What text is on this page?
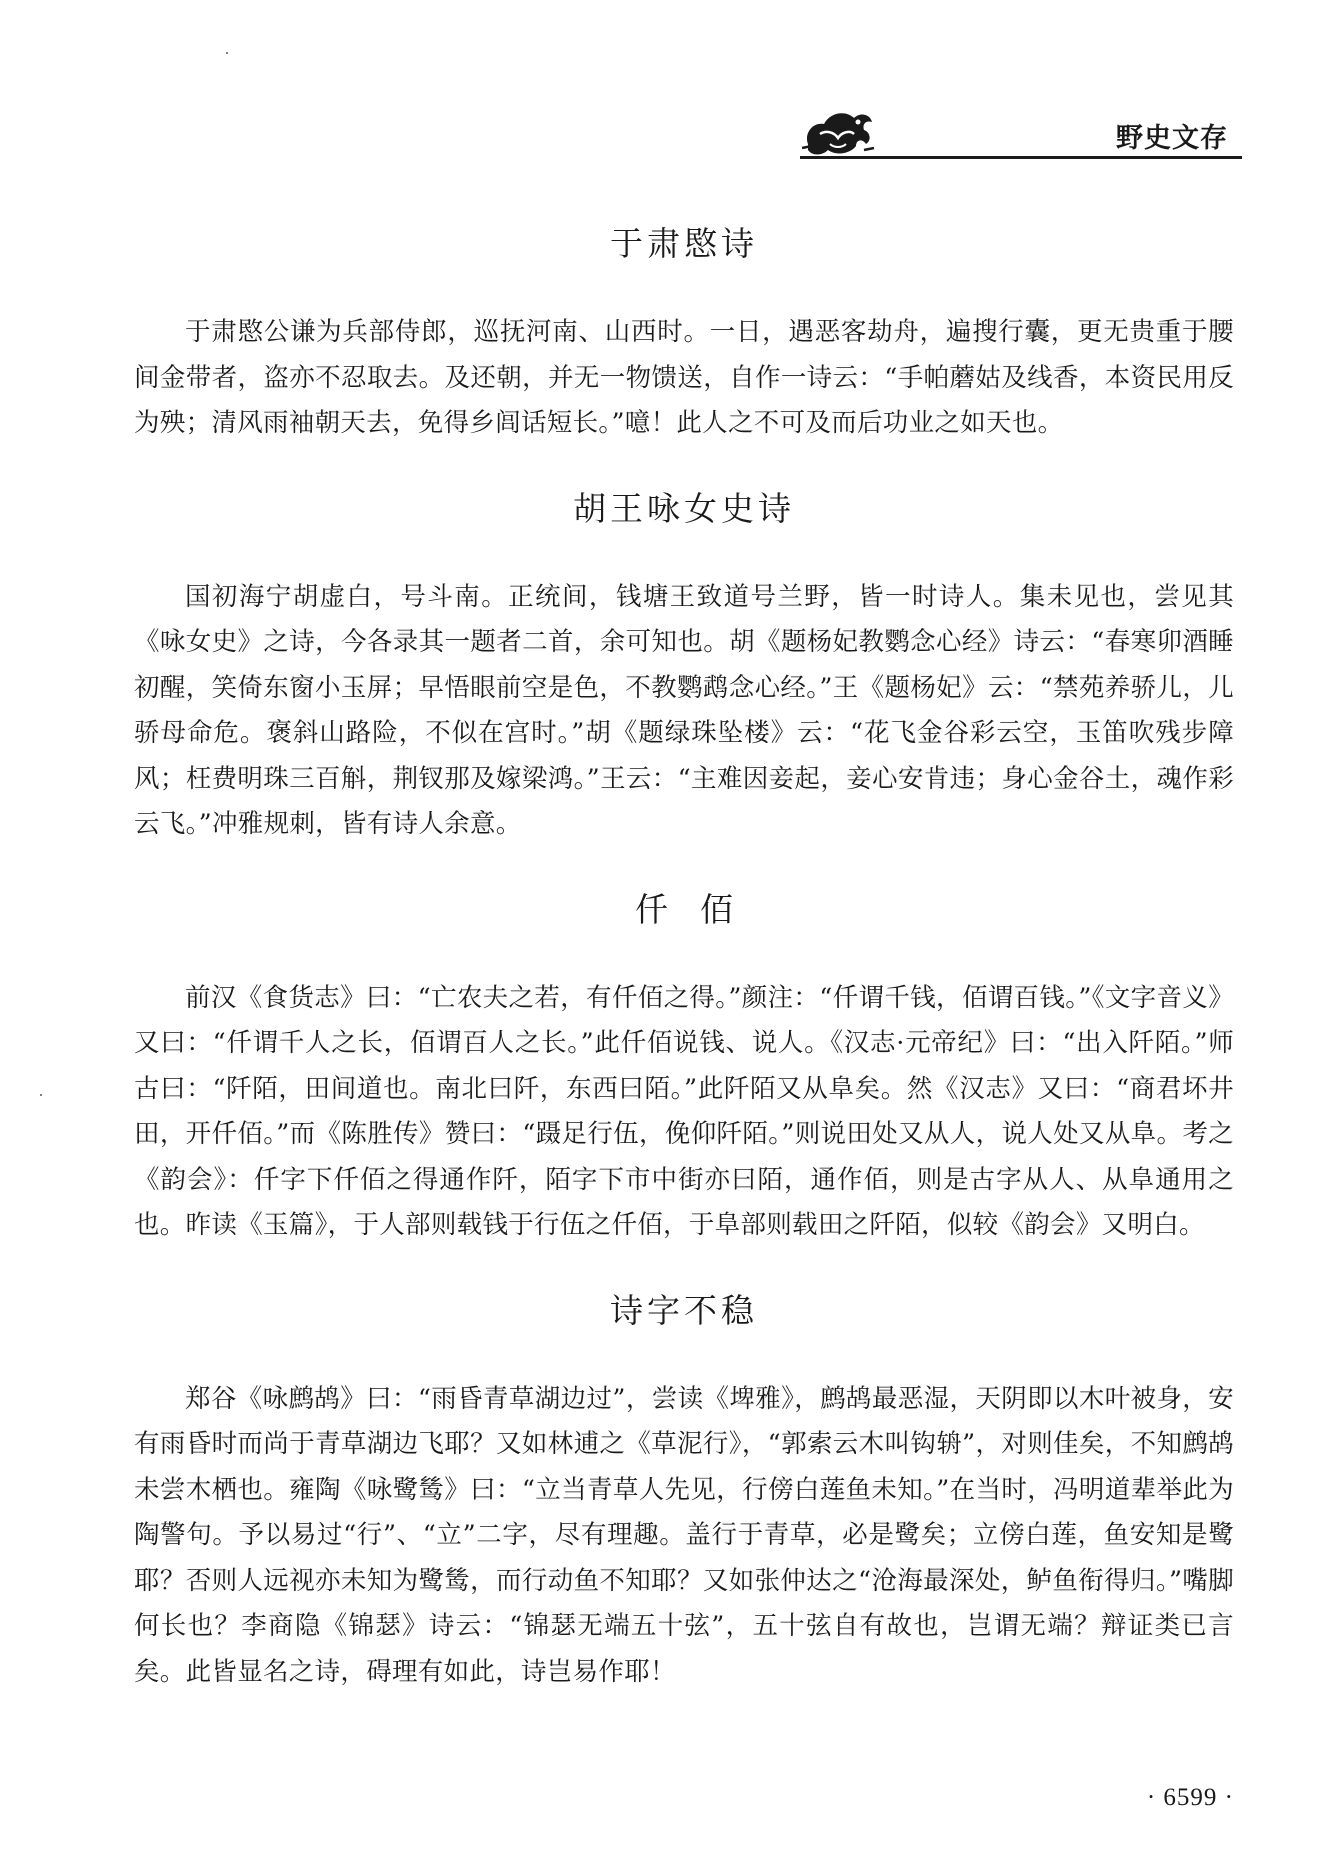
野史文存
于肃愍诗

于肃愍公谦为兵部侍郎，巡抚河南、山西时。一日，遇恶客劫舟，遍搜行囊，更无贵重于腰间金带者，盗亦不忍取去。及还朝，并无一物馈送，自作一诗云：“手帕蘑姑及线香，本资民用反为殃；清风雨袖朝天去，免得乡闾话短长。”噫！此人之不可及而后功业之如天也。

胡王咏女史诗

国初海宁胡虚白，号斗南。正统间，钱塘王致道号兰野，皆一时诗人。集未见也，尝见其《咏女史》之诗，今各录其一题者二首，余可知也。胡《题杨妃教鹦念心经》诗云：“春寒卯酒睡初醒，笑倚东窗小玉屏；早悟眼前空是色，不教鹦鹉念心经。”王《题杨妃》云：“禁苑养骄儿，儿骄母命危。褒斜山路险，不似在宫时。”胡《题绿珠坠楼》云：“花飞金谷彩云空，玉笛吹残步障风；枉费明珠三百斛，荆钗那及嫁梁鸿。”王云：“主难因妾起，妾心安肯违；身心金谷土，魂作彩云飞。”冲雅规刺，皆有诗人余意。

仟佰

前汉《食货志》曰：“亡农夫之若，有仟佰之得。”颜注：“仟谓千钱，佰谓百钱。”《文字音义》又曰：“仟谓千人之长，佰谓百人之长。”此仟佰说钱、说人。《汉志·元帝纪》曰：“出入阡陌。”师古曰：“阡陌，田间道也。南北曰阡，东西曰陌。”此阡陌又从阜矣。然《汉志》又曰：“商君坏井田，开仟佰。”而《陈胜传》赞曰：“蹑足行伍，俛仰阡陌。”则说田处又从人，说人处又从阜。考之《韵会》：仟字下仟佰之得通作阡，陌字下市中街亦曰陌，通作佰，则是古字从人、从阜通用之也。昨读《玉篇》，于人部则载钱于行伍之仟佰，于阜部则载田之阡陌，似较《韵会》又明白。

诗字不稳

郑谷《咏鹧鸪》曰：“雨昏青草湖边过”，尝读《埤雅》，鹧鸪最恶湿，天阴即以木叶被身，安有雨昏时而尚于青草湖边飞耶？又如林逋之《草泥行》，“郭索云木叫钩辀”，对则佳矣，不知鹧鸪未尝木栖也。雍陶《咏鹭鸶》曰：“立当青草人先见，行傍白莲鱼未知。”在当时，冯明道辈举此为陶警句。予以易过“行”、“立”二字，尽有理趣。盖行于青草，必是鹭矣；立傍白莲，鱼安知是鹭耶？否则人远视亦未知为鹭鸶，而行动鱼不知耶？又如张仲达之“沧海最深处，鲈鱼衔得归。”嘴脚何长也？李商隐《锦瑟》诗云：“锦瑟无端五十弦”，五十弦自有故也，岂谓无端？辩证类已言矣。此皆显名之诗，碍理有如此，诗岂易作耶！

· 6599 ·
